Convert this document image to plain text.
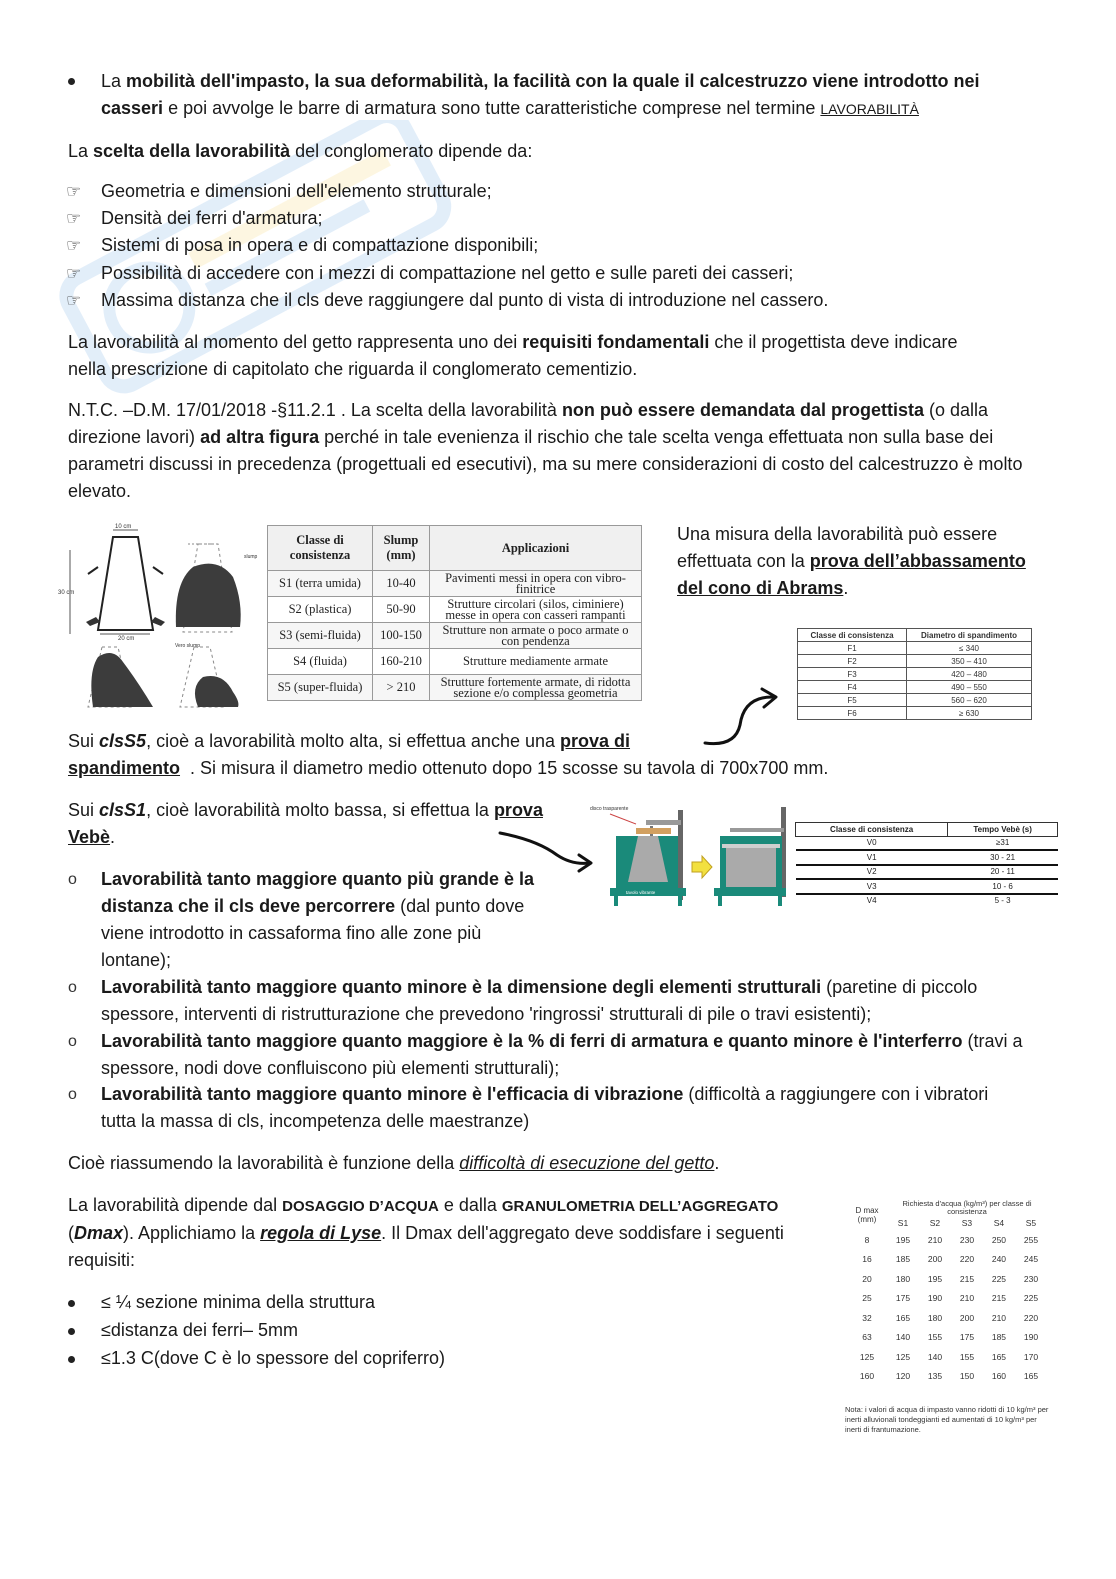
La mobilità dell'impasto, la sua deformabilità, la facilità con la quale il calcestruzzo viene introdotto nei casseri e poi avvolge le barre di armatura sono tutte caratteristiche comprese nel termine LAVORABILITÀ
La scelta della lavorabilità del conglomerato dipende da:
☞ Geometria e dimensioni dell'elemento strutturale;
☞ Densità dei ferri d'armatura;
☞ Sistemi di posa in opera e di compattazione disponibili;
☞ Possibilità di accedere con i mezzi di compattazione nel getto e sulle pareti dei casseri;
☞ Massima distanza che il cls deve raggiungere dal punto di vista di introduzione nel cassero.
La lavorabilità al momento del getto rappresenta uno dei requisiti fondamentali che il progettista deve indicare nella prescrizione di capitolato che riguarda il conglomerato cementizio.
N.T.C. –D.M. 17/01/2018 -§11.2.1 . La scelta della lavorabilità non può essere demandata dal progettista (o dalla direzione lavori) ad altra figura perché in tale evenienza il rischio che tale scelta venga effettuata non sulla base dei parametri discussi in precedenza (progettuali ed esecutivi), ma su mere considerazioni di costo del calcestruzzo è molto elevato.
10 cm
30 cm
20 cm
slump
Vero slump
Classe di consistenza	Slump (mm)	Applicazioni
S1 (terra umida)	10-40	Pavimenti messi in opera con vibro-finitrice
S2 (plastica)	50-90	Strutture circolari (silos, ciminiere) messe in opera con casseri rampanti
S3 (semi-fluida)	100-150	Strutture non armate o poco armate o con pendenza
S4 (fluida)	160-210	Strutture mediamente armate
S5 (super-fluida)	> 210	Strutture fortemente armate, di ridotta sezione e/o complessa geometria
Una misura della lavorabilità può essere effettuata con la prova dell’abbassamento del cono di Abrams.
Classe di consistenza	Diametro di spandimento
F1	≤ 340
F2	350 – 410
F3	420 – 480
F4	490 – 550
F5	560 – 620
F6	≥ 630
Sui clsS5, cioè a lavorabilità molto alta, si effettua anche una prova di spandimento . Si misura il diametro medio ottenuto dopo 15 scosse su tavola di 700x700 mm.
Sui clsS1, cioè lavorabilità molto bassa, si effettua la prova Vebè.
disco trasparente
tavolo vibrante
Classe di consistenza	Tempo Vebè (s)
V0	≥31
V1	30 - 21
V2	20 - 11
V3	10 - 6
V4	5 - 3
o Lavorabilità tanto maggiore quanto più grande è la distanza che il cls deve percorrere (dal punto dove viene introdotto in cassaforma fino alle zone più lontane);
o Lavorabilità tanto maggiore quanto minore è la dimensione degli elementi strutturali (paretine di piccolo spessore, interventi di ristrutturazione che prevedono 'ringrossi' strutturali di pile o travi esistenti);
o Lavorabilità tanto maggiore quanto maggiore è la % di ferri di armatura e quanto minore è l'interferro (travi a spessore, nodi dove confluiscono più elementi strutturali);
o Lavorabilità tanto maggiore quanto minore è l'efficacia di vibrazione (difficoltà a raggiungere con i vibratori tutta la massa di cls, incompetenza delle maestranze)
Cioè riassumendo la lavorabilità è funzione della difficoltà di esecuzione del getto.
La lavorabilità dipende dal DOSAGGIO D’ACQUA e dalla GRANULOMETRIA DELL’AGGREGATO (Dmax). Applichiamo la regola di Lyse. Il Dmax dell'aggregato deve soddisfare i seguenti requisiti:
≤ ¼ sezione minima della struttura
≤distanza dei ferri– 5mm
≤1.3 C(dove C è lo spessore del copriferro)
D max (mm)	Richiesta d'acqua (kg/m³) per classe di consistenza				
	S1	S2	S3	S4	S5
8	195	210	230	250	255
16	185	200	220	240	245
20	180	195	215	225	230
25	175	190	210	215	225
32	165	180	200	210	220
63	140	155	175	185	190
125	125	140	155	165	170
160	120	135	150	160	165
Nota: i valori di acqua di impasto vanno ridotti di 10 kg/m³ per inerti alluvionali tondeggianti ed aumentati di 10 kg/m³ per inerti di frantumazione.
